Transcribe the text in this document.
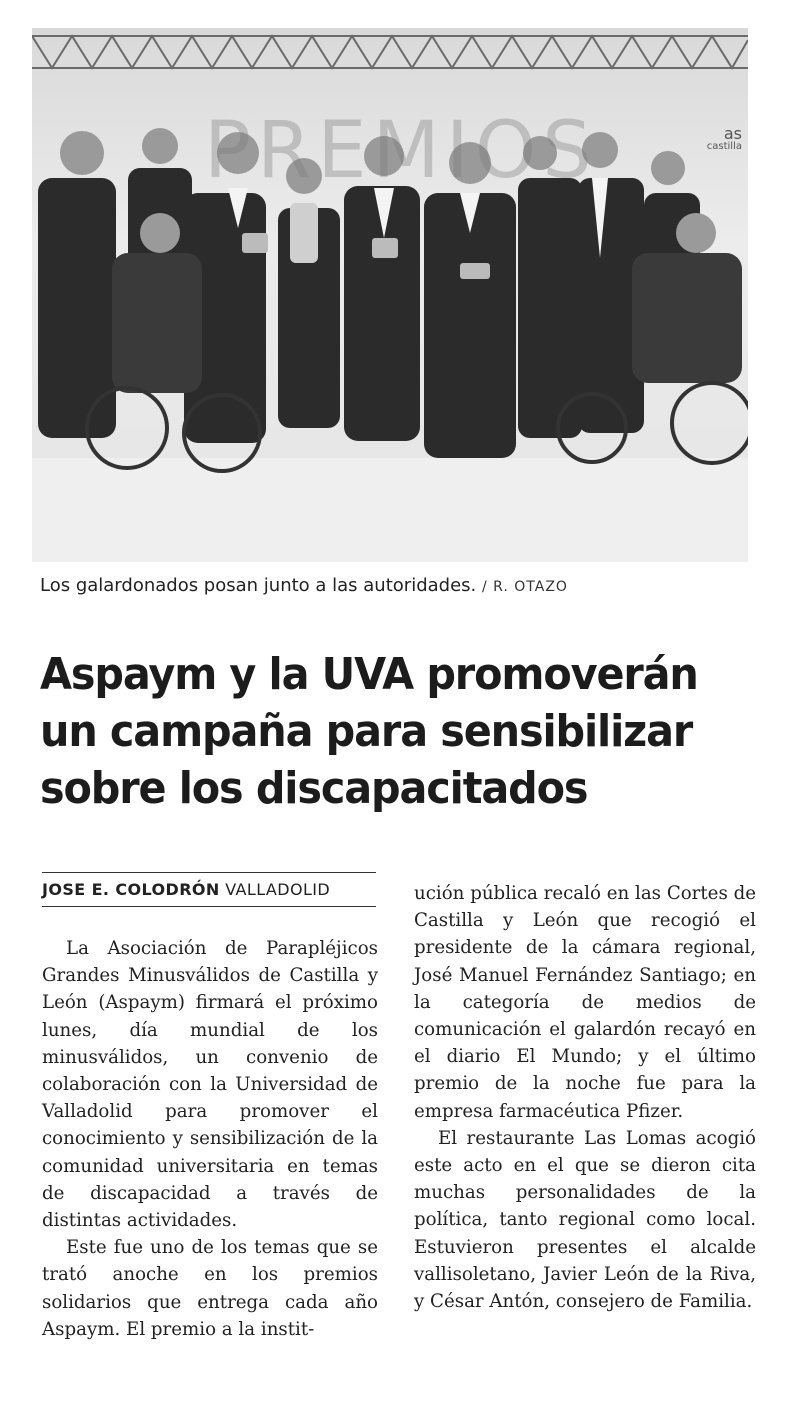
PREMIOS	as
castilla
Los galardonados posan junto a las autoridades. / R. OTAZO
Aspaym y la UVA promoverán
un campaña para sensibilizar
sobre los discapacitados
JOSE E. COLODRÓN VALLADOLID

La Asociación de Parapléjicos Grandes Minusválidos de Castilla y León (Aspaym) firmará el próximo lunes, día mundial de los minusválidos, un convenio de colaboración con la Universidad de Valladolid para promover el conocimiento y sensibilización de la comunidad universitaria en temas de discapacidad a través de distintas actividades.

Este fue uno de los temas que se trató anoche en los premios solidarios que entrega cada año Aspaym. El premio a la instit-

ución pública recaló en las Cortes de Castilla y León que recogió el presidente de la cámara regional, José Manuel Fernández Santiago; en la categoría de medios de comunicación el galardón recayó en el diario El Mundo; y el último premio de la noche fue para la empresa farmacéutica Pfizer.

El restaurante Las Lomas acogió este acto en el que se dieron cita muchas personalidades de la política, tanto regional como local. Estuvieron presentes el alcalde vallisoletano, Javier León de la Riva, y César Antón, consejero de Familia.
